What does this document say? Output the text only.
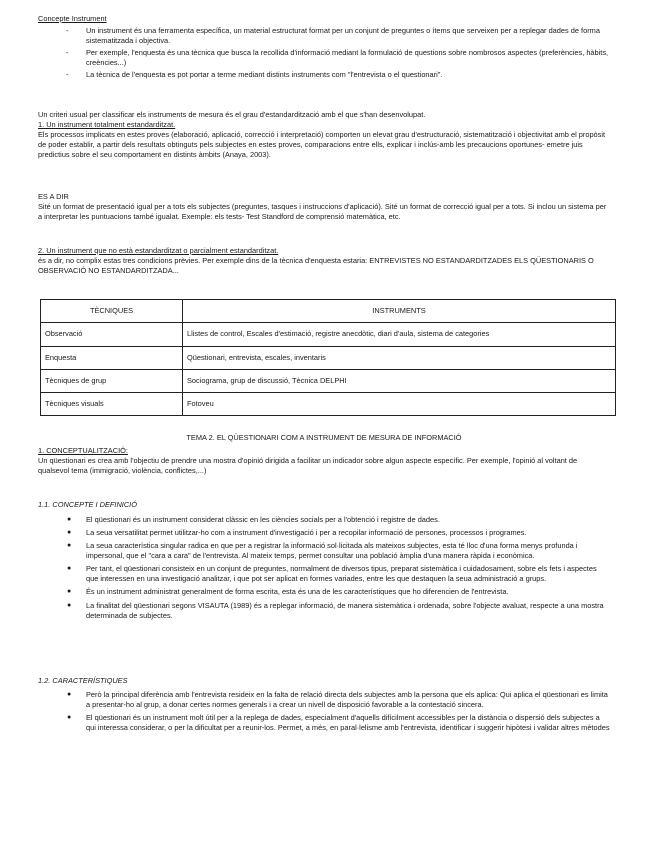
Concepte Instrument

- Un instrument és una ferramenta específica, un material estructurat format per un conjunt de preguntes o ítems que serveixen per a replegar dades de forma sistematitzada i objectiva.
- Per exemple, l'enquesta és una tècnica que busca la recollida d'informació mediant la formulació de questions sobre nombrosos aspectes (preferències, hàbits, creències...)
- La tècnica de l'enquesta es pot portar a terme mediant distints instruments com "l'entrevista o el questionari".

Un criteri usual per classificar els instruments de mesura és el grau d'estandardització amb el que s'han desenvolupat.

1. Un instrument totalment estandarditzat.

Els processos implicats en estes proves (elaboració, aplicació, correcció i interpretació) comporten un elevat grau d'estructuració, sistematització i objectivitat amb el propòsit de poder establir, a partir dels resultats obtinguts pels subjectes en estes proves, comparacions entre ells, explicar i inclús-amb les precaucions oportunes- emetre juis predictius sobre el seu comportament en distints àmbits (Anaya, 2003).

ES A DIR

Sité un format de presentació igual per a tots els subjectes (preguntes, tasques i instruccions d'aplicació). Sité un format de correcció igual per a tots. Si inclou un sistema per a interpretar les puntuacions també igualat. Exemple: els tests- Test Standford de comprensió matemàtica, etc.

2. Un instrument que no està estandarditzat o parcialment estandarditzat.

és a dir, no complix estas tres condicions prèvies. Per exemple dins de la tècnica d'enquesta estaria: ENTREVISTES NO ESTANDARDITZADES ELS QÜESTIONARIS O OBSERVACIÓ NO ESTANDARDITZADA...

TÈCNIQUES	INSTRUMENTS
Observació	Llistes de control, Escales d'estimació, registre anecdòtic, diari d'aula, sistema de categories
Enquesta	Qüestionari, entrevista, escales, inventaris
Tècniques de grup	Sociograma, grup de discussió, Tècnica DELPHI
Tècniques visuals	Fotoveu

TEMA 2. EL QÜESTIONARI COM A INSTRUMENT DE MESURA DE INFORMACIÓ

1. CONCEPTUALITZACIÓ:

Un qüestionari es crea amb l'objectiu de prendre una mostra d'opinió dirigida a facilitar un indicador sobre algun aspecte específic. Per exemple, l'opinió al voltant de qualsevol tema (immigració, violència, conflictes,...)

1.1. CONCEPTE I DEFINICIÓ

● El qüestionari és un instrument considerat clàssic en les ciències socials per a l'obtenció i registre de dades.
● La seua versatilitat permet utilitzar-ho com a instrument d'investigació i per a recopilar informació de persones, processos i programes.
● La seua característica singular radica en que per a registrar la informació sol·licitada als mateixos subjectes, esta té lloc d'una forma menys profunda i impersonal, que el "cara a cara" de l'entrevista. Al mateix temps, permet consultar una població àmplia d'una manera ràpida i econòmica.
● Per tant, el qüestionari consisteix en un conjunt de preguntes, normalment de diversos tipus, preparat sistemàtica i cuidadosament, sobre els fets i aspectes que interessen en una investigació analitzar, i que pot ser aplicat en formes variades, entre les que destaquen la seua administració a grups.
● És un instrument administrat generalment de forma escrita, esta és una de les característiques que ho diferencien de l'entrevista.
● La finalitat del qüestionari segons VISAUTA (1989) és a replegar informació, de manera sistemàtica i ordenada, sobre l'objecte avaluat, respecte a una mostra determinada de subjectes.

1.2. CARACTERÍSTIQUES

● Però la principal diferència amb l'entrevista resideix en la falta de relació directa dels subjectes amb la persona que els aplica: Qui aplica el qüestionari es limita a presentar-ho al grup, a donar certes normes generals i a crear un nivell de disposició favorable a la contestació sincera.
● El qüestionari és un instrument molt útil per a la replega de dades, especialment d'aquells difícilment accessibles per la distància o dispersió dels subjectes a qui interessa considerar, o per la dificultat per a reunir-los. Permet, a més, en paral·lelisme amb l'entrevista, identificar i suggerir hipòtesi i validar altres mètodes
